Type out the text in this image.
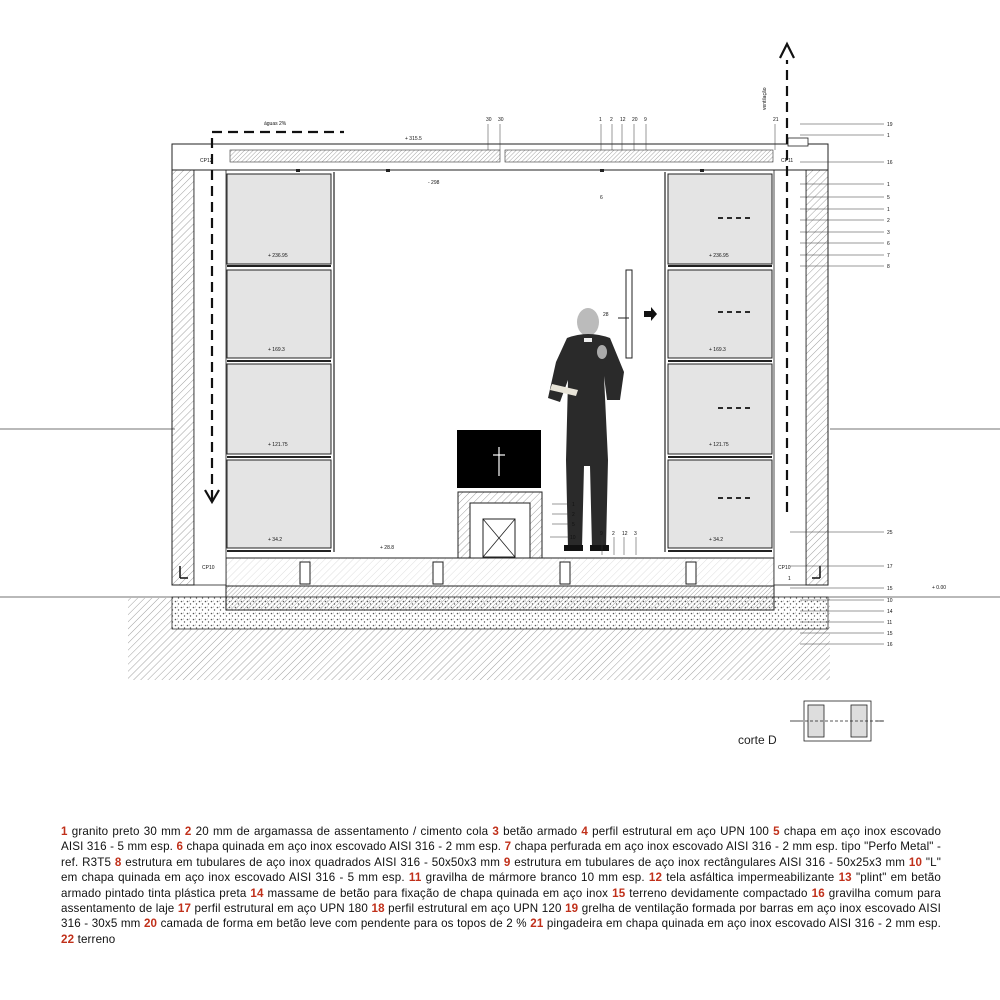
+ 236.95
+ 169.3
+ 121.75
+ 34.2
+ 236.95
+ 169.3
+ 121.75
+ 34.2
+ 28.8
+ 315.5
- 298
+ 0.00
águas 2%
ventilação
28
6
CP12	CP11
CP10	CP10
1
30 30	1 2 12 20 9	21
19
1
16
1
5
1
2
3
6
7
8
25
17
15
10
14
11
15
16
1
2
5
10
9 2 12 3
corte D
1 granito preto 30 mm 2 20 mm de argamassa de assentamento / cimento cola 3 betão armado 4 perfil estrutural em aço UPN 100 5 chapa em aço inox escovado AISI 316 - 5 mm esp. 6 chapa quinada em aço inox escovado AISI 316 - 2 mm esp. 7 chapa perfurada em aço inox escovado AISI 316 - 2 mm esp. tipo "Perfo Metal" - ref. R3T5 8 estrutura em tubulares de aço inox quadrados AISI 316 - 50x50x3 mm 9 estrutura em tubulares de aço inox rectângulares AISI 316 - 50x25x3 mm 10 "L" em chapa quinada em aço inox escovado AISI 316 - 5 mm esp. 11 gravilha de mármore branco 10 mm esp. 12 tela asfáltica impermeabilizante 13 "plint" em betão armado pintado tinta plástica preta 14 massame de betão para fixação de chapa quinada em aço inox 15 terreno devidamente compactado 16 gravilha comum para assentamento de laje 17 perfil estrutural em aço UPN 180 18 perfil estrutural em aço UPN 120 19 grelha de ventilação formada por barras em aço inox escovado AISI 316 - 30x5 mm 20 camada de forma em betão leve com pendente para os topos de 2 % 21 pingadeira em chapa quinada em aço inox escovado AISI 316 - 2 mm esp. 22 terreno
